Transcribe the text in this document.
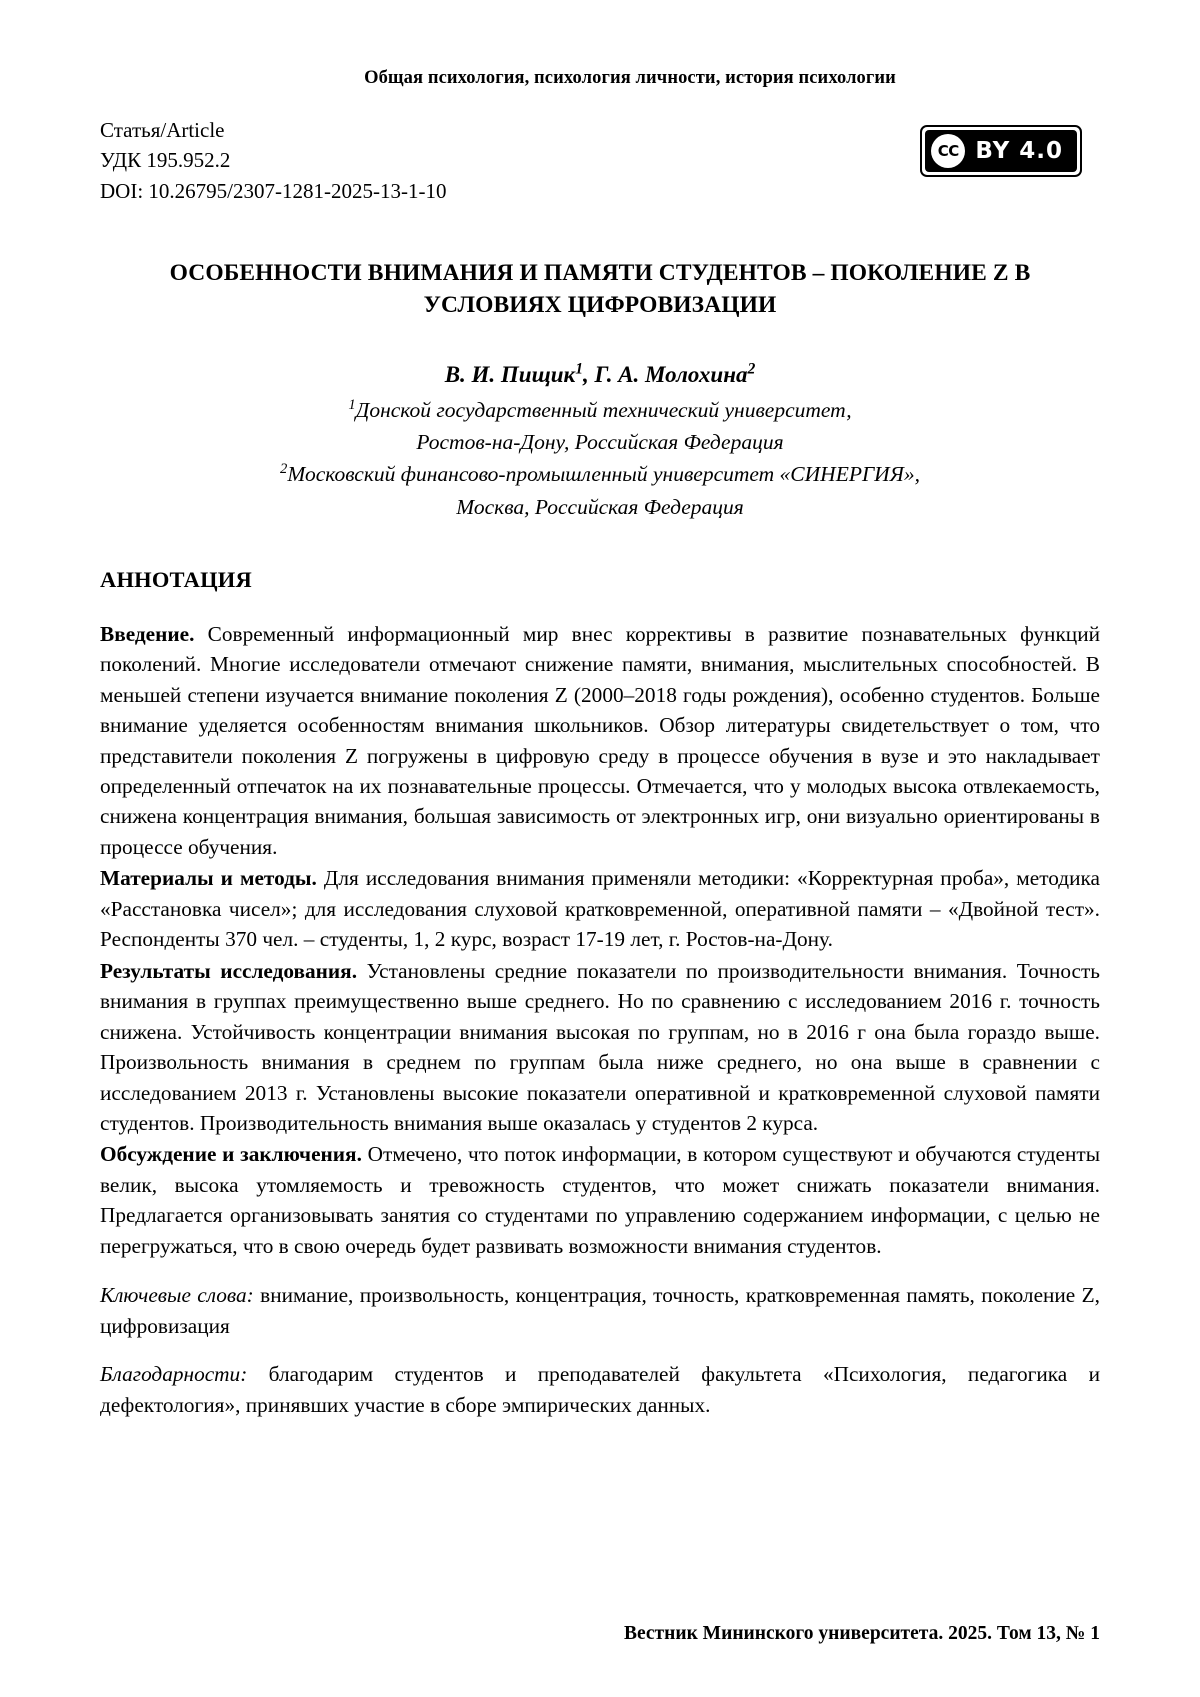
Общая психология, психология личности, история психологии
Статья/Article
УДК 195.952.2
DOI: 10.26795/2307-1281-2025-13-1-10
CC BY 4.0
ОСОБЕННОСТИ ВНИМАНИЯ И ПАМЯТИ СТУДЕНТОВ – ПОКОЛЕНИЕ Z В УСЛОВИЯХ ЦИФРОВИЗАЦИИ
В. И. Пищик$^1$, Г. А. Молохина$^2$
$^1$Донской государственный технический университет,
Ростов-на-Дону, Российская Федерация
$^2$Московский финансово-промышленный университет «СИНЕРГИЯ»,
Москва, Российская Федерация
АННОТАЦИЯ

Введение. Современный информационный мир внес коррективы в развитие познавательных функций поколений. Многие исследователи отмечают снижение памяти, внимания, мыслительных способностей. В меньшей степени изучается внимание поколения Z (2000–2018 годы рождения), особенно студентов. Больше внимание уделяется особенностям внимания школьников. Обзор литературы свидетельствует о том, что представители поколения Z погружены в цифровую среду в процессе обучения в вузе и это накладывает определенный отпечаток на их познавательные процессы. Отмечается, что у молодых высока отвлекаемость, снижена концентрация внимания, большая зависимость от электронных игр, они визуально ориентированы в процессе обучения.

Материалы и методы. Для исследования внимания применяли методики: «Корректурная проба», методика «Расстановка чисел»; для исследования слуховой кратковременной, оперативной памяти – «Двойной тест». Респонденты 370 чел. – студенты, 1, 2 курс, возраст 17-19 лет, г. Ростов-на-Дону.

Результаты исследования. Установлены средние показатели по производительности внимания. Точность внимания в группах преимущественно выше среднего. Но по сравнению с исследованием 2016 г. точность снижена. Устойчивость концентрации внимания высокая по группам, но в 2016 г она была гораздо выше. Произвольность внимания в среднем по группам была ниже среднего, но она выше в сравнении с исследованием 2013 г. Установлены высокие показатели оперативной и кратковременной слуховой памяти студентов. Производительность внимания выше оказалась у студентов 2 курса.

Обсуждение и заключения. Отмечено, что поток информации, в котором существуют и обучаются студенты велик, высока утомляемость и тревожность студентов, что может снижать показатели внимания. Предлагается организовывать занятия со студентами по управлению содержанием информации, с целью не перегружаться, что в свою очередь будет развивать возможности внимания студентов.

Ключевые слова: внимание, произвольность, концентрация, точность, кратковременная память, поколение Z, цифровизация

Благодарности: благодарим студентов и преподавателей факультета «Психология, педагогика и дефектология», принявших участие в сборе эмпирических данных.

Вестник Мининского университета. 2025. Том 13, № 1
